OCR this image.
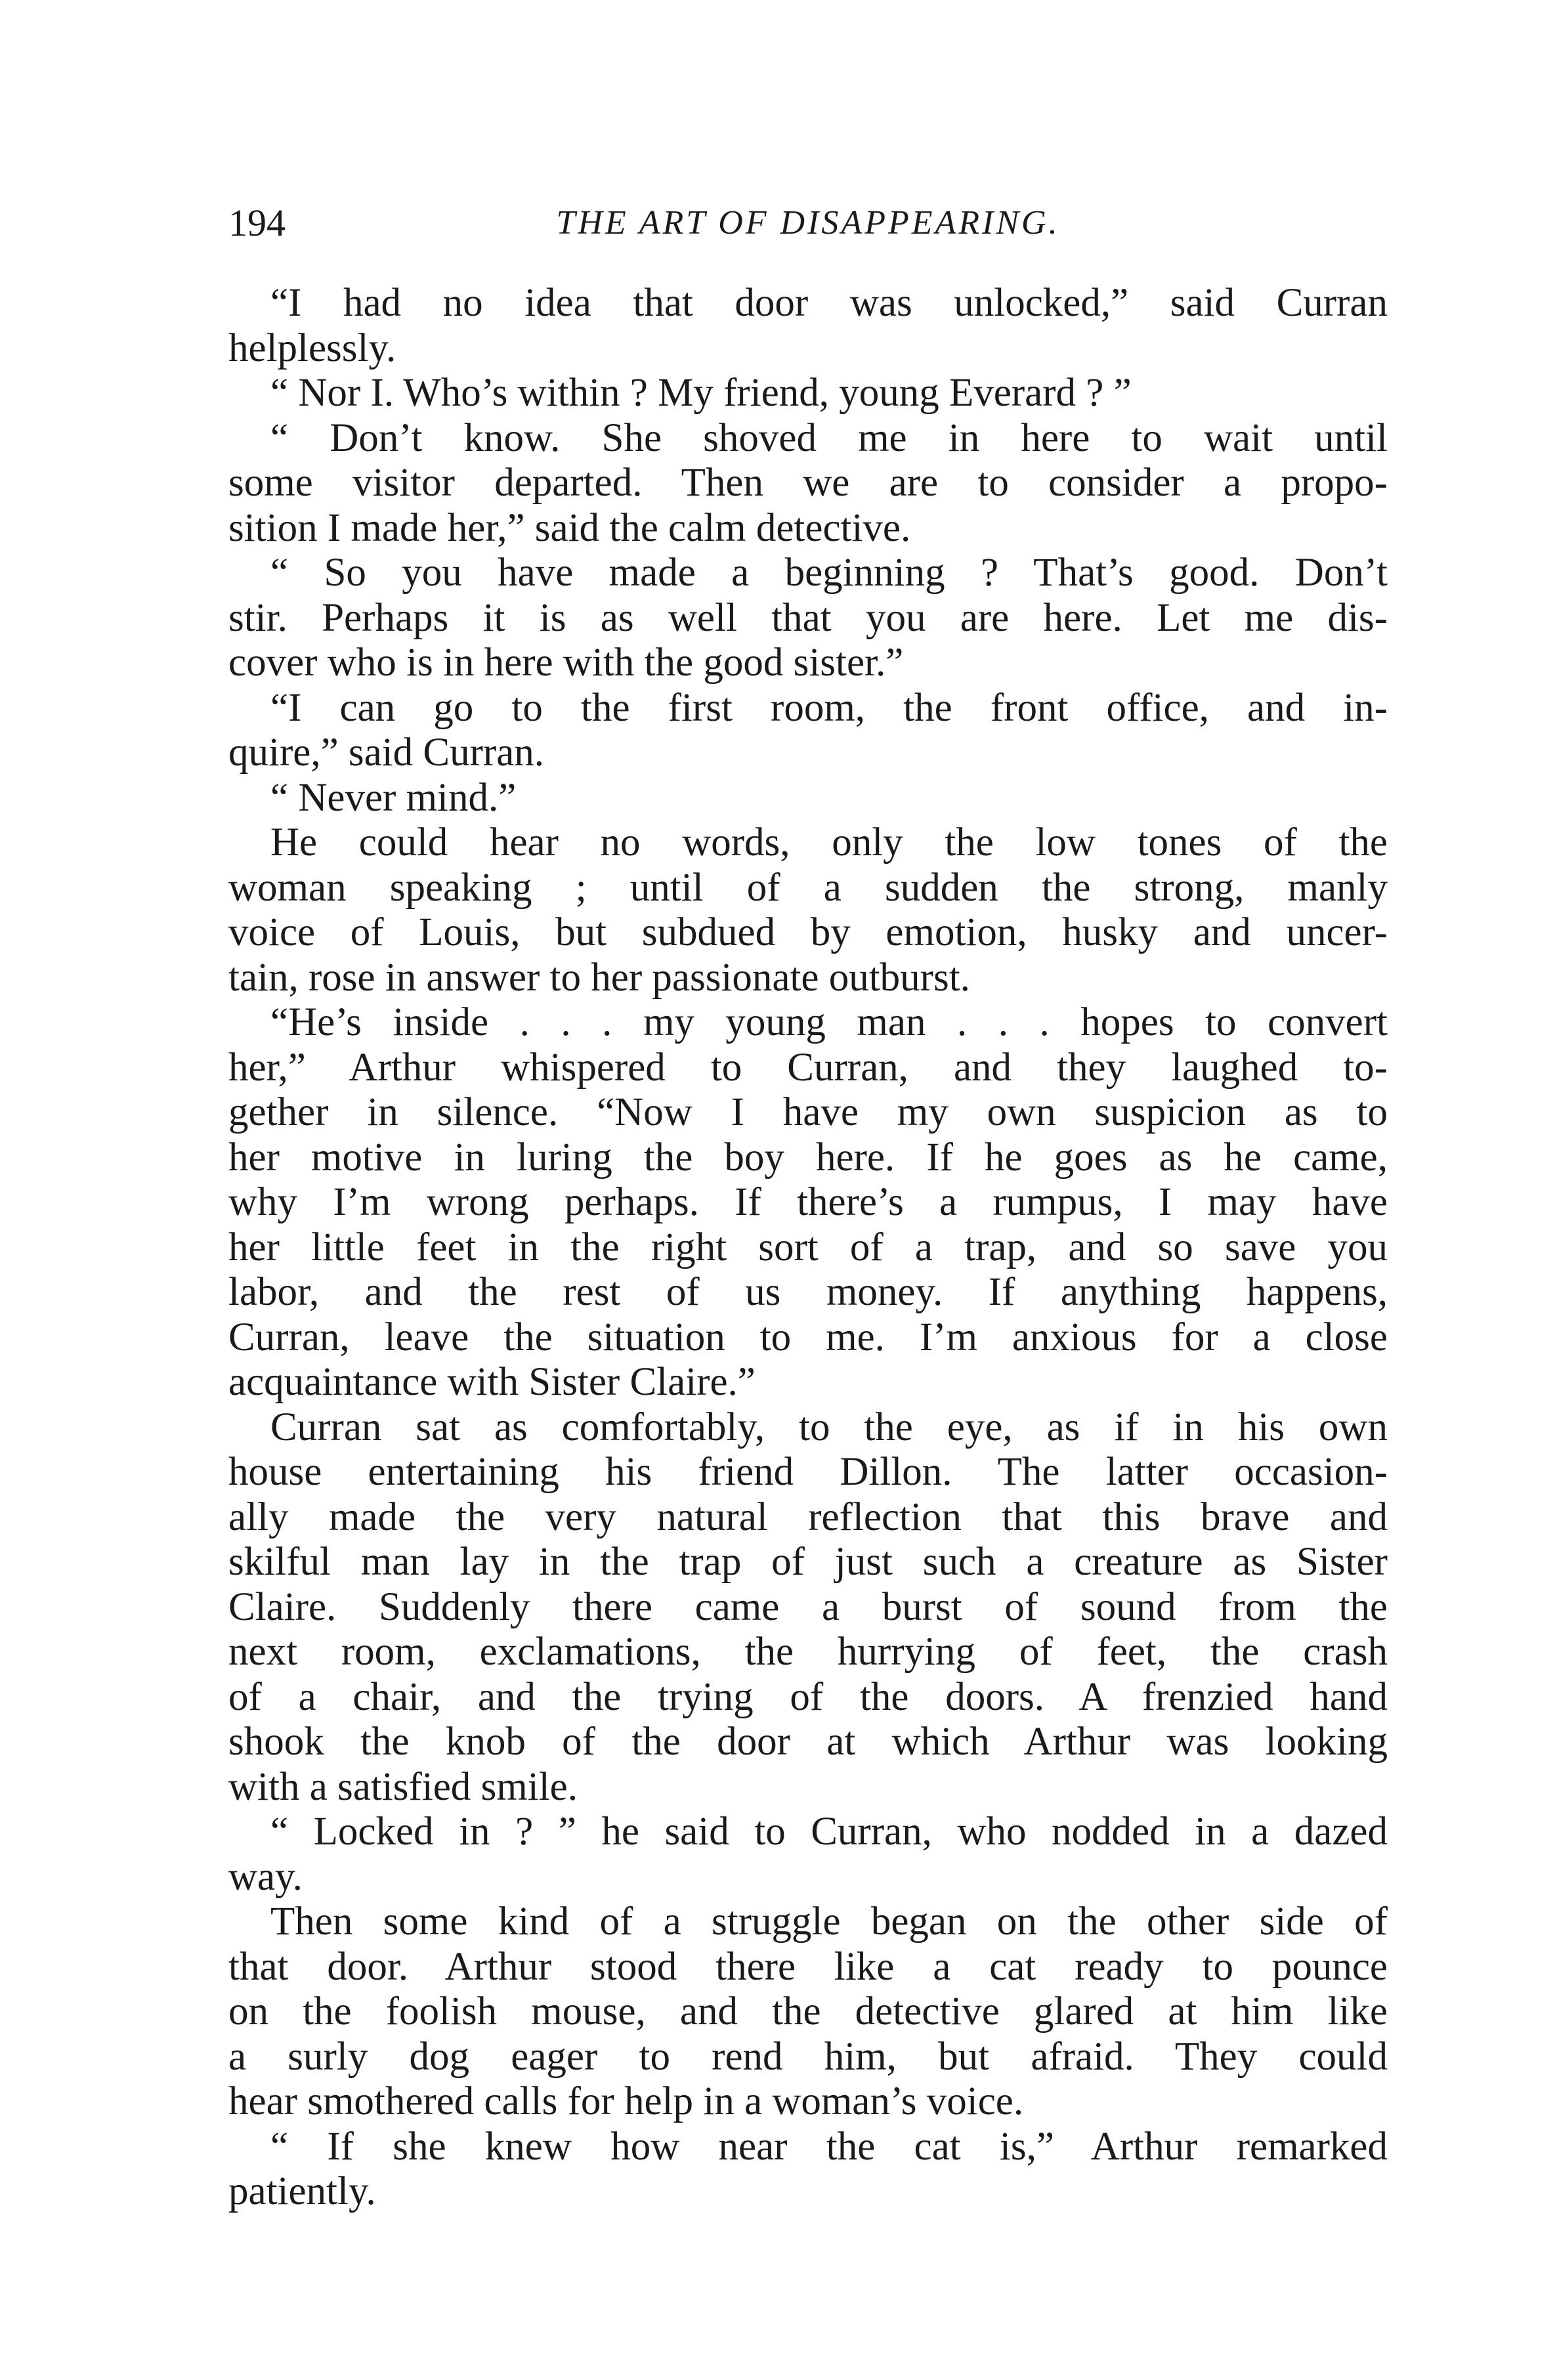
194	THE ART OF DISAPPEARING.
“I had no idea that door was unlocked,” said Curran
helplessly.
“ Nor I. Who’s within ? My friend, young Everard ? ”
“ Don’t know. She shoved me in here to wait until
some visitor departed. Then we are to consider a propo-
sition I made her,” said the calm detective.
“ So you have made a beginning ? That’s good. Don’t
stir. Perhaps it is as well that you are here. Let me dis-
cover who is in here with the good sister.”
“I can go to the first room, the front office, and in-
quire,” said Curran.
“ Never mind.”
He could hear no words, only the low tones of the
woman speaking ; until of a sudden the strong, manly
voice of Louis, but subdued by emotion, husky and uncer-
tain, rose in answer to her passionate outburst.
“He’s inside . . . my young man . . . hopes to convert
her,” Arthur whispered to Curran, and they laughed to-
gether in silence. “Now I have my own suspicion as to
her motive in luring the boy here. If he goes as he came,
why I’m wrong perhaps. If there’s a rumpus, I may have
her little feet in the right sort of a trap, and so save you
labor, and the rest of us money. If anything happens,
Curran, leave the situation to me. I’m anxious for a close
acquaintance with Sister Claire.”
Curran sat as comfortably, to the eye, as if in his own
house entertaining his friend Dillon. The latter occasion-
ally made the very natural reflection that this brave and
skilful man lay in the trap of just such a creature as Sister
Claire. Suddenly there came a burst of sound from the
next room, exclamations, the hurrying of feet, the crash
of a chair, and the trying of the doors. A frenzied hand
shook the knob of the door at which Arthur was looking
with a satisfied smile.
“ Locked in ? ” he said to Curran, who nodded in a dazed
way.
Then some kind of a struggle began on the other side of
that door. Arthur stood there like a cat ready to pounce
on the foolish mouse, and the detective glared at him like
a surly dog eager to rend him, but afraid. They could
hear smothered calls for help in a woman’s voice.
“ If she knew how near the cat is,” Arthur remarked
patiently.
